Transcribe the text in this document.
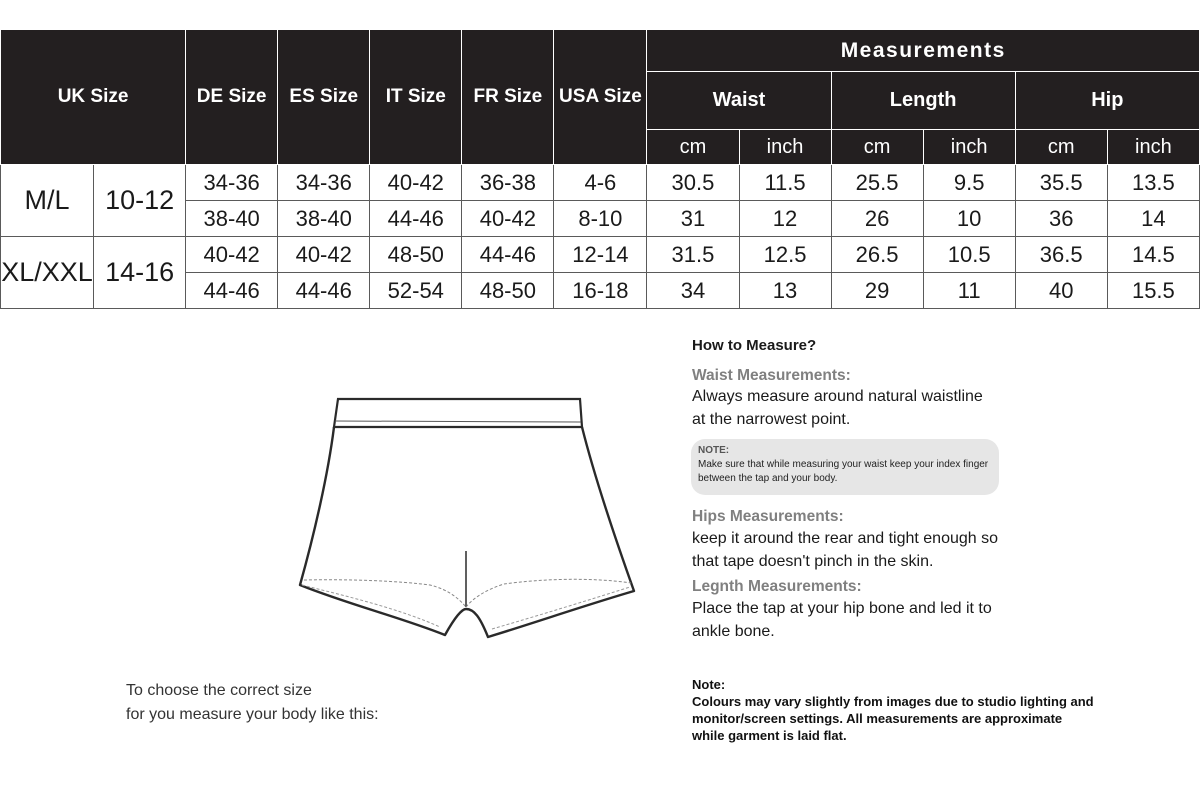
UK Size		DE Size	ES Size	IT Size	FR Size	USA Size	Measurements					
							Waist		Length		Hip	
							cm	inch	cm	inch	cm	inch
M/L	10-12	34-36	34-36	40-42	36-38	4-6	30.5	11.5	25.5	9.5	35.5	13.5
		38-40	38-40	44-46	40-42	8-10	31	12	26	10	36	14
XL/XXL	14-16	40-42	40-42	48-50	44-46	12-14	31.5	12.5	26.5	10.5	36.5	14.5
		44-46	44-46	52-54	48-50	16-18	34	13	29	11	40	15.5
How to Measure?
Waist Measurements:
Always measure around natural waistline
at the narrowest point.
NOTE:
Make sure that while measuring your waist keep your index finger
between the tap and your body.
Hips Measurements:
keep it around the rear and tight enough so
that tape doesn't pinch in the skin.
Legnth Measurements:
Place the tap at your hip bone and led it to
ankle bone.
To choose the correct size
for you measure your body like this:
Note:
Colours may vary slightly from images due to studio lighting and
monitor/screen settings. All measurements are approximate
while garment is laid flat.
